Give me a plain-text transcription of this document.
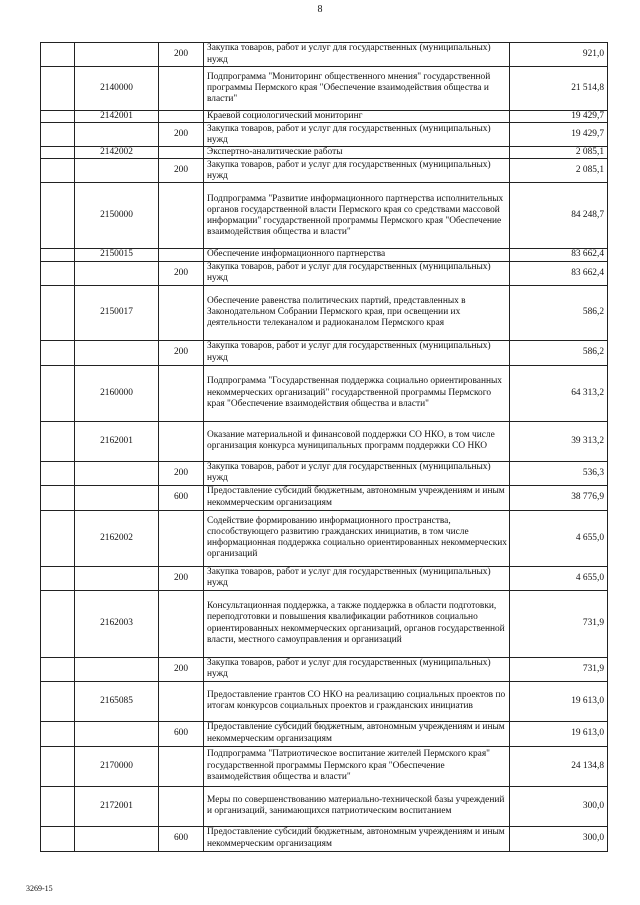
8
		200	Закупка товаров, работ и услуг для государственных (муниципальных) нужд	921,0
	2140000		Подпрограмма "Мониторинг общественного мнения" государственной программы Пермского края "Обеспечение взаимодействия общества и власти"	21 514,8
	2142001		Краевой социологический мониторинг	19 429,7
		200	Закупка товаров, работ и услуг для государственных (муниципальных) нужд	19 429,7
	2142002		Экспертно-аналитические работы	2 085,1
		200	Закупка товаров, работ и услуг для государственных (муниципальных) нужд	2 085,1
	2150000		Подпрограмма "Развитие информационного партнерства исполнительных органов государственной власти Пермского края со средствами массовой информации" государственной программы Пермского края "Обеспечение взаимодействия общества и власти"	84 248,7
	2150015		Обеспечение информационного партнерства	83 662,4
		200	Закупка товаров, работ и услуг для государственных (муниципальных) нужд	83 662,4
	2150017		Обеспечение равенства политических партий, представленных в Законодательном Собрании Пермского края, при освещении их деятельности телеканалом и радиоканалом Пермского края	586,2
		200	Закупка товаров, работ и услуг для государственных (муниципальных) нужд	586,2
	2160000		Подпрограмма "Государственная поддержка социально ориентированных некоммерческих организаций" государственной программы Пермского края "Обеспечение взаимодействия общества и власти"	64 313,2
	2162001		Оказание материальной и финансовой поддержки СО НКО, в том числе организация конкурса муниципальных программ поддержки СО НКО	39 313,2
		200	Закупка товаров, работ и услуг для государственных (муниципальных) нужд	536,3
		600	Предоставление субсидий бюджетным, автономным учреждениям и иным некоммерческим организациям	38 776,9
	2162002		Содействие формированию информационного пространства, способствующего развитию гражданских инициатив, в том числе информационная поддержка социально ориентированных некоммерческих организаций	4 655,0
		200	Закупка товаров, работ и услуг для государственных (муниципальных) нужд	4 655,0
	2162003		Консультационная поддержка, а также поддержка в области подготовки, переподготовки и повышения квалификации работников социально ориентированных некоммерческих организаций, органов государственной власти, местного самоуправления и организаций	731,9
		200	Закупка товаров, работ и услуг для государственных (муниципальных) нужд	731,9
	2165085		Предоставление грантов СО НКО на реализацию социальных проектов по итогам конкурсов социальных проектов и гражданских инициатив	19 613,0
		600	Предоставление субсидий бюджетным, автономным учреждениям и иным некоммерческим организациям	19 613,0
	2170000		Подпрограмма "Патриотическое воспитание жителей Пермского края" государственной программы Пермского края "Обеспечение взаимодействия общества и власти"	24 134,8
	2172001		Меры по совершенствованию материально-технической базы учреждений и организаций, занимающихся патриотическим воспитанием	300,0
		600	Предоставление субсидий бюджетным, автономным учреждениям и иным некоммерческим организациям	300,0
3269-15
